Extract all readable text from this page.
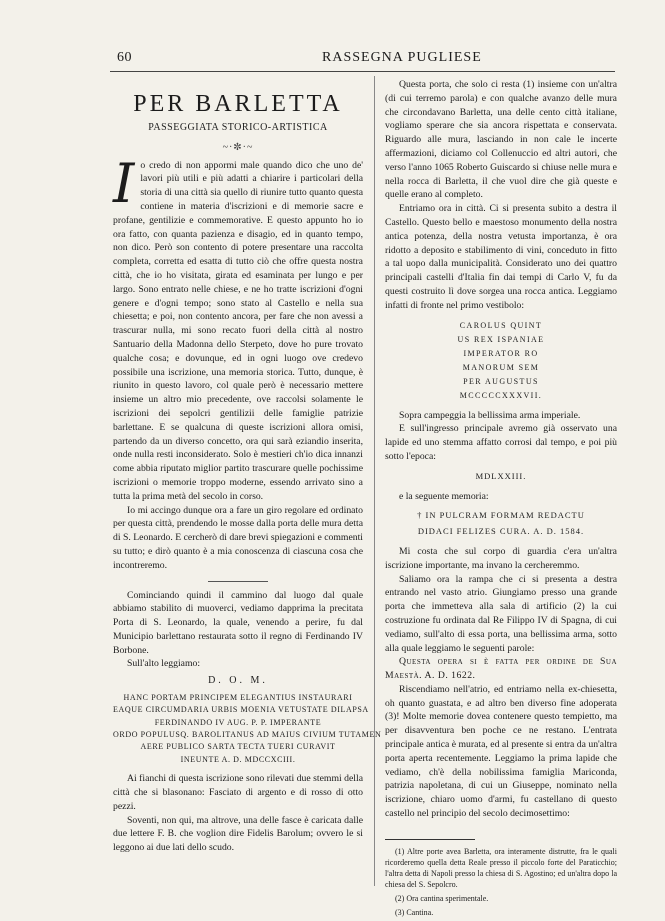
60	RASSEGNA PUGLIESE
PER BARLETTA
PASSEGGIATA STORICO-ARTISTICA
~·✼·~
I o credo di non appormi male quando dico che uno de' lavori più utili e più adatti a chiarire i particolari della storia di una città sia quello di riunire tutto quanto questa contiene in materia d'iscrizioni e di memorie sacre e profane, gentilizie e commemorative. E questo appunto ho io ora fatto, con quanta pazienza e disagio, ed in quanto tempo, non dico. Però son contento di potere presentare una raccolta completa, corretta ed esatta di tutto ciò che offre questa nostra città, che io ho visitata, girata ed esaminata per lungo e per largo. Sono entrato nelle chiese, e ne ho tratte iscrizioni d'ogni genere e d'ogni tempo; sono stato al Castello e nella sua chiesetta; e poi, non contento ancora, per fare che non avessi a trascurar nulla, mi sono recato fuori della città al nostro Santuario della Madonna dello Sterpeto, dove ho pure trovato qualche cosa; e dovunque, ed in ogni luogo ove credevo possibile una iscrizione, una memoria storica. Tutto, dunque, è riunito in questo lavoro, col quale però è necessario mettere insieme un altro mio precedente, ove raccolsi solamente le iscrizioni dei sepolcri gentilizii delle famiglie patrizie barlettane. E se qualcuna di queste iscrizioni allora omisi, partendo da un diverso concetto, ora qui sarà eziandio inserita, onde nulla resti inconsiderato. Solo è mestieri ch'io dica innanzi come abbia riputato miglior partito trascurare quelle pochissime iscrizioni o memorie troppo moderne, essendo arrivato sino a tutta la prima metà del secolo in corso.

Io mi accingo dunque ora a fare un giro regolare ed ordinato per questa città, prendendo le mosse dalla porta delle mura detta di S. Leonardo. E cercherò di dare brevi spiegazioni e commenti su tutto; e dirò quanto è a mia conoscenza di ciascuna cosa che incontreremo.

Cominciando quindi il cammino dal luogo dal quale abbiamo stabilito di muoverci, vediamo dapprima la precitata Porta di S. Leonardo, la quale, venendo a perire, fu dal Municipio barlettano restaurata sotto il regno di Ferdinando IV Borbone.

Sull'alto leggiamo:

D. O. M.
HANC PORTAM PRINCIPEM ELEGANTIUS INSTAURARI
EAQUE CIRCUMDARIA URBIS MOENIA VETUSTATE DILAPSA
FERDINANDO IV AUG. P. P. IMPERANTE
ORDO POPULUSQ. BAROLITANUS AD MAIUS CIVIUM TUTAMEN
AERE PUBLICO SARTA TECTA TUERI CURAVIT
INEUNTE A. D. MDCCXCIII.

Ai fianchi di questa iscrizione sono rilevati due stemmi della città che si blasonano: Fasciato di argento e di rosso di otto pezzi.

Soventi, non qui, ma altrove, una delle fasce è caricata dalle due lettere F. B. che voglion dire Fidelis Barolum; ovvero le si leggono ai due lati dello scudo.

Questa porta, che solo ci resta (1) insieme con un'altra (di cui terremo parola) e con qualche avanzo delle mura che circondavano Barletta, una delle cento città italiane, vogliamo sperare che sia ancora rispettata e conservata. Riguardo alle mura, lasciando in non cale le incerte affermazioni, diciamo col Collenuccio ed altri autori, che verso l'anno 1065 Roberto Guiscardo si chiuse nelle mura e nella rocca di Barletta, il che vuol dire che già queste e quelle erano al completo.

Entriamo ora in città. Ci si presenta subito a destra il Castello. Questo bello e maestoso monumento della nostra antica potenza, della nostra vetusta importanza, è ora ridotto a deposito e stabilimento di vini, conceduto in fitto a tal uopo dalla municipalità. Considerato uno dei quattro principali castelli d'Italia fin dai tempi di Carlo V, fu da questi costruito lì dove sorgea una rocca antica. Leggiamo infatti di fronte nel primo vestibolo:

CAROLUS QUINT
US REX ISPANIAE
IMPERATOR RO
MANORUM SEM
PER AUGUSTUS
MCCCCCXXXVII.

Sopra campeggia la bellissima arma imperiale.

E sull'ingresso principale avremo già osservato una lapide ed uno stemma affatto corrosi dal tempo, e poi più sotto l'epoca:

MDLXXIII.

e la seguente memoria:

† IN PULCRAM FORMAM REDACTU
DIDACI FELIZES CURA. A. D. 1584.

Mi costa che sul corpo di guardia c'era un'altra iscrizione importante, ma invano la cercheremmo.

Saliamo ora la rampa che ci si presenta a destra entrando nel vasto atrio. Giungiamo presso una grande porta che immetteva alla sala di artificio (2) la cui costruzione fu ordinata dal Re Filippo IV di Spagna, di cui vediamo, sull'alto di essa porta, una bellissima arma, sotto alla quale leggiamo le seguenti parole:

Questa opera si è fatta per ordine de Sua Maestà. A. D. 1622.

Riscendiamo nell'atrio, ed entriamo nella ex-chiesetta, oh quanto guastata, e ad altro ben diverso fine adoperata (3)! Molte memorie dovea contenere questo tempietto, ma per disavventura ben poche ce ne restano. L'entrata principale antica è murata, ed al presente si entra da un'altra porta aperta recentemente. Leggiamo la prima lapide che vediamo, ch'è della nobilissima famiglia Mariconda, patrizia napoletana, di cui un Giuseppe, nominato nella iscrizione, chiaro uomo d'armi, fu castellano di questo castello nel principio del secolo decimosettimo:

(1) Altre porte avea Barletta, ora interamente distrutte, fra le quali ricorderemo quella detta Reale presso il piccolo forte del Paraticchio; l'altra detta di Napoli presso la chiesa di S. Agostino; ed un'altra dopo la chiesa del S. Sepolcro.
(2) Ora cantina sperimentale.
(3) Cantina.
